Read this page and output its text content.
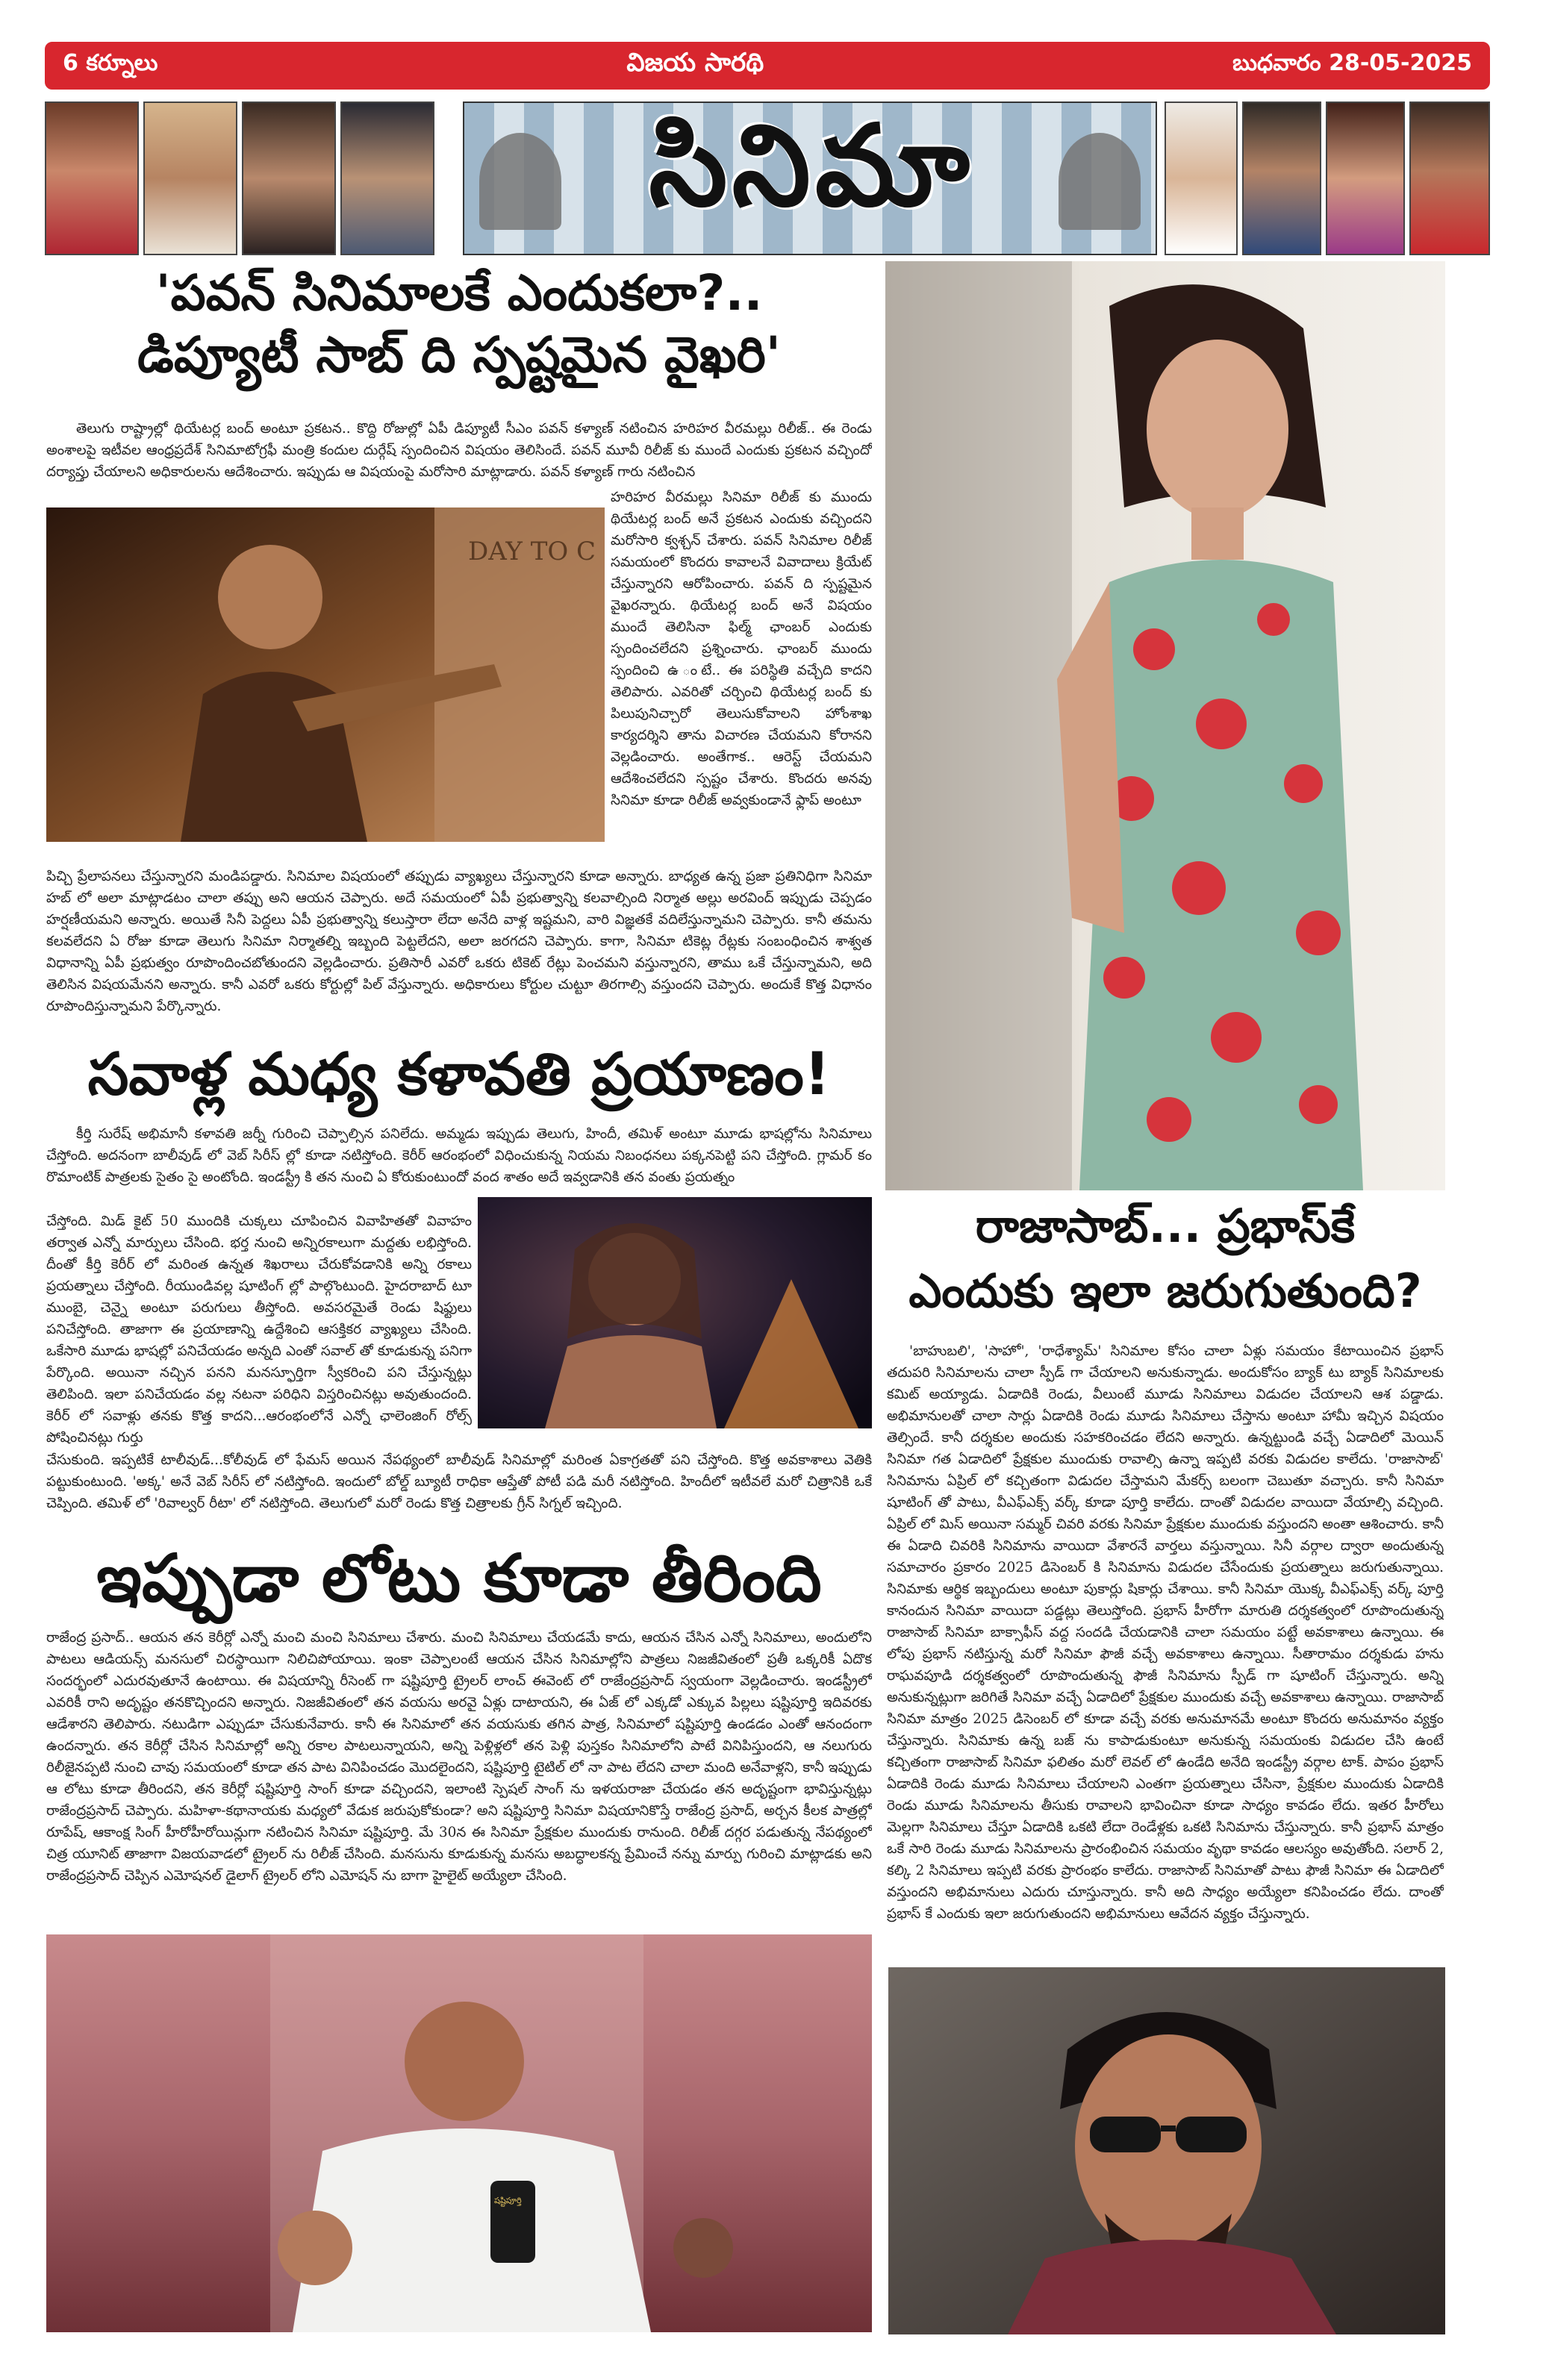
6 కర్నూలు	విజయ సారథి	బుధవారం 28-05-2025
సినిమా
'పవన్ సినిమాలకే ఎందుకలా?..
డిప్యూటీ సాబ్ ది స్పష్టమైన వైఖరి'
తెలుగు రాష్ట్రాల్లో థియేటర్ల బంద్ అంటూ ప్రకటన.. కొద్ది రోజుల్లో ఏపీ డిప్యూటీ సీఎం పవన్ కళ్యాణ్ నటించిన హరిహర వీరమల్లు రిలీజ్.. ఈ రెండు అంశాలపై ఇటీవల ఆంధ్రప్రదేశ్ సినిమాటోగ్రఫీ మంత్రి కందుల దుర్గేష్ స్పందించిన విషయం తెలిసిందే. పవన్ మూవీ రిలీజ్ కు ముందే ఎందుకు ప్రకటన వచ్చిందో దర్యాప్తు చేయాలని అధికారులను ఆదేశించారు. ఇప్పుడు ఆ విషయంపై మరోసారి మాట్లాడారు. పవన్ కళ్యాణ్ గారు నటించిన
DAY TO C
హరిహర వీరమల్లు సినిమా రిలీజ్ కు ముందు థియేటర్ల బంద్ అనే ప్రకటన ఎందుకు వచ్చిందని మరోసారి క్వశ్చన్ చేశారు. పవన్ సినిమాల రిలీజ్ సమయంలో కొందరు కావాలనే వివాదాలు క్రియేట్ చేస్తున్నారని ఆరోపించారు. పవన్ ది స్పష్టమైన వైఖరన్నారు. థియేటర్ల బంద్ అనే విషయం ముందే తెలిసినా ఫిల్మ్ ఛాంబర్ ఎందుకు స్పందించలేదని ప్రశ్నించారు. ఛాంబర్ ముందు స్పందించి ఉ ంటే.. ఈ పరిస్థితి వచ్చేది కాదని తెలిపారు. ఎవరితో చర్చించి థియేటర్ల బంద్ కు పిలుపునిచ్చారో తెలుసుకోవాలని హోంశాఖ కార్యదర్శిని తాను విచారణ చేయమని కోరానని వెల్లడించారు. అంతేగాక.. ఆరెస్ట్ చేయమని ఆదేశించలేదని స్పష్టం చేశారు. కొందరు అనవు సినిమా కూడా రిలీజ్ అవ్వకుండానే ఫ్లాప్ అంటూ
పిచ్చి ప్రేలాపనలు చేస్తున్నారని మండిపడ్డారు. సినిమాల విషయంలో తప్పుడు వ్యాఖ్యలు చేస్తున్నారని కూడా అన్నారు. బాధ్యత ఉన్న ప్రజా ప్రతినిధిగా సినిమా హబ్ లో అలా మాట్లాడటం చాలా తప్పు అని ఆయన చెప్పారు. అదే సమయంలో ఏపీ ప్రభుత్వాన్ని కలవాల్సింది నిర్మాత అల్లు అరవింద్ ఇప్పుడు చెప్పడం హర్షణీయమని అన్నారు. అయితే సినీ పెద్దలు ఏపీ ప్రభుత్వాన్ని కలుస్తారా లేదా అనేది వాళ్ల ఇష్టమని, వారి విజ్ఞతకే వదిలేస్తున్నామని చెప్పారు. కానీ తమను కలవలేదని ఏ రోజు కూడా తెలుగు సినిమా నిర్మాతల్ని ఇబ్బంది పెట్టలేదని, అలా జరగదని చెప్పారు. కాగా, సినిమా టికెట్ల రేట్లకు సంబంధించిన శాశ్వత విధానాన్ని ఏపీ ప్రభుత్వం రూపొందించబోతుందని వెల్లడించారు. ప్రతిసారీ ఎవరో ఒకరు టికెట్ రేట్లు పెంచమని వస్తున్నారని, తాము ఒకే చేస్తున్నామని, అది తెలిసిన విషయమేనని అన్నారు. కానీ ఎవరో ఒకరు కోర్టుల్లో పిల్ వేస్తున్నారు. అధికారులు కోర్టుల చుట్టూ తిరగాల్సి వస్తుందని చెప్పారు. అందుకే కొత్త విధానం రూపొందిస్తున్నామని పేర్కొన్నారు.
సవాళ్ల మధ్య కళావతి ప్రయాణం!
కీర్తి సురేష్ అభిమానీ కళావతి జర్నీ గురించి చెప్పాల్సిన పనిలేదు. అమ్మడు ఇప్పుడు తెలుగు, హిందీ, తమిళ్ అంటూ మూడు భాషల్లోను సినిమాలు చేస్తోంది. అదనంగా బాలీవుడ్ లో వెబ్ సిరీస్ ల్లో కూడా నటిస్తోంది. కెరీర్ ఆరంభంలో విధించుకున్న నియమ నిబంధనలు పక్కనపెట్టి పని చేస్తోంది. గ్లామర్ కం రొమాంటిక్ పాత్రలకు సైతం సై అంటోంది. ఇండస్ట్రీ కి తన నుంచి ఏ కోరుకుంటుందో వంద శాతం అదే ఇవ్వడానికి తన వంతు ప్రయత్నం
చేస్తోంది. మిడ్ కైట్ 50 ముందికి చుక్కలు చూపించిన వివాహితతో వివాహం తర్వాత ఎన్నో మార్పులు చేసింది. భర్త నుంచి అన్నిరకాలుగా మద్దతు లభిస్తోంది. దీంతో కీర్తి కెరీర్ లో మరింత ఉన్నత శిఖరాలు చేరుకోవడానికి అన్ని రకాలు ప్రయత్నాలు చేస్తోంది. రీయుండివల్ల షూటింగ్ ల్లో పాల్గొంటుంది. హైదరాబాద్ టూ ముంబై, చెన్నై అంటూ పరుగులు తీస్తోంది. అవసరమైతే రెండు షిఫ్టులు పనిచేస్తోంది. తాజాగా ఈ ప్రయాణాన్ని ఉద్దేశించి ఆసక్తికర వ్యాఖ్యలు చేసింది. ఒకేసారి మూడు భాషల్లో పనిచేయడం అన్నది ఎంతో సవాల్ తో కూడుకున్న పనిగా పేర్కొంది. అయినా నచ్చిన పనని మనస్ఫూర్తిగా స్వీకరించి పని చేస్తున్నట్లు తెలిపింది. ఇలా పనిచేయడం వల్ల నటనా పరిధిని విస్తరించినట్లు అవుతుందంది. కెరీర్ లో సవాళ్లు తనకు కొత్త కాదని...ఆరంభంలోనే ఎన్నో ఛాలెంజింగ్ రోల్స్ పోషించినట్లు గుర్తు
చేసుకుంది. ఇప్పటికే టాలీవుడ్...కోలీవుడ్ లో ఫేమస్ అయిన నేపథ్యంలో బాలీవుడ్ సినిమాల్లో మరింత ఏకాగ్రతతో పని చేస్తోంది. కొత్త అవకాశాలు వెతికి పట్టుకుంటుంది. 'అక్క' అనే వెబ్ సిరీస్ లో నటిస్తోంది. ఇందులో బోల్డ్ బ్యూటీ రాధికా ఆప్తేతో పోటీ పడి మరీ నటిస్తోంది. హిందీలో ఇటీవలే మరో చిత్రానికి ఒకే చెప్పింది. తమిళ్ లో 'రివాల్వర్ రీటా' లో నటిస్తోంది. తెలుగులో మరో రెండు కొత్త చిత్రాలకు గ్రీన్ సిగ్నల్ ఇచ్చింది.
ఇప్పుడా లోటు కూడా తీరింది
రాజేంద్ర ప్రసాద్.. ఆయన తన కెరీర్లో ఎన్నో మంచి మంచి సినిమాలు చేశారు. మంచి సినిమాలు చేయడమే కాదు, ఆయన చేసిన ఎన్నో సినిమాలు, అందులోని పాటలు ఆడియన్స్ మనసులో చిరస్థాయిగా నిలిచిపోయాయి. ఇంకా చెప్పాలంటే ఆయన చేసిన సినిమాల్లోని పాత్రలు నిజజీవితంలో ప్రతీ ఒక్కరికీ ఏదొక సందర్భంలో ఎదురవుతూనే ఉంటాయి. ఈ విషయాన్ని రీసెంట్ గా షష్టిపూర్తి ట్రైలర్ లాంచ్ ఈవెంట్ లో రాజేంద్రప్రసాద్ స్వయంగా వెల్లడించారు. ఇండస్ట్రీలో ఎవరికీ రాని అదృష్టం తనకొచ్చిందని అన్నారు. నిజజీవితంలో తన వయసు అరవై ఏళ్లు దాటాయని, ఈ ఏజ్ లో ఎక్కడో ఎక్కువ పిల్లలు షష్టిపూర్తి ఇదివరకు ఆడేశారని తెలిపారు. నటుడిగా ఎప్పుడూ చేసుకునేవారు. కానీ ఈ సినిమాలో తన వయసుకు తగిన పాత్ర, సినిమాలో షష్టిపూర్తి ఉండడం ఎంతో ఆనందంగా ఉందన్నారు. తన కెరీర్లో చేసిన సినిమాల్లో అన్ని రకాల పాటలున్నాయని, అన్ని పెళ్లిళ్లలో తన పెళ్లి పుస్తకం సినిమాలోని పాటే వినిపిస్తుందని, ఆ నలుగురు రిలీజైనప్పటి నుంచి చావు సమయంలో కూడా తన పాట వినిపించడం మొదలైందని, షష్టిపూర్తి టైటిల్ లో నా పాట లేదని చాలా మంది అనేవాళ్లని, కానీ ఇప్పుడు ఆ లోటు కూడా తీరిందని, తన కెరీర్లో షష్టిపూర్తి సాంగ్ కూడా వచ్చిందని, ఇలాంటి స్పెషల్ సాంగ్ ను ఇళయరాజా చేయడం తన అదృష్టంగా భావిస్తున్నట్లు రాజేంద్రప్రసాద్ చెప్పారు. మహిళా-కథానాయకు మధ్యలో వేడుక జరుపుకోకుండా? అని షష్టిపూర్తి సినిమా విషయానికొస్తే రాజేంద్ర ప్రసాద్, అర్చన కీలక పాత్రల్లో రూపేష్, ఆకాంక్ష సింగ్ హీరోహీరోయిన్లుగా నటించిన సినిమా షష్టిపూర్తి. మే 30న ఈ సినిమా ప్రేక్షకుల ముందుకు రానుంది. రిలీజ్ దగ్గర పడుతున్న నేపథ్యంలో చిత్ర యూనిట్ తాజాగా విజయవాడలో ట్రైలర్ ను రిలీజ్ చేసింది. మనసును కూడుకున్న మనసు అబద్ధాలకన్న ప్రేమించే నన్ను మార్పు గురించి మాట్లాడకు అని రాజేంద్రప్రసాద్ చెప్పిన ఎమోషనల్ డైలాగ్ ట్రైలర్ లోని ఎమోషన్ ను బాగా హైలైట్ అయ్యేలా చేసింది.
షష్టిపూర్తి
రాజాసాబ్... ప్రభాస్‌కే
ఎందుకు ఇలా జరుగుతుంది?
'బాహుబలి', 'సాహో', 'రాధేశ్యామ్' సినిమాల కోసం చాలా ఏళ్లు సమయం కేటాయించిన ప్రభాస్ తదుపరి సినిమాలను చాలా స్పీడ్ గా చేయాలని అనుకున్నాడు. అందుకోసం బ్యాక్ టు బ్యాక్ సినిమాలకు కమిట్ అయ్యాడు. ఏడాదికి రెండు, వీలుంటే మూడు సినిమాలు విడుదల చేయాలని ఆశ పడ్డాడు. అభిమానులతో చాలా సార్లు ఏడాదికి రెండు మూడు సినిమాలు చేస్తాను అంటూ హామీ ఇచ్చిన విషయం తెల్సిందే. కానీ దర్శకుల అందుకు సహకరించడం లేదని అన్నారు. ఉన్నట్టుండి వచ్చే ఏడాదిలో మెయిన్ సినిమా గత ఏడాదిలో ప్రేక్షకుల ముందుకు రావాల్సి ఉన్నా ఇప్పటి వరకు విడుదల కాలేదు. 'రాజాసాబ్' సినిమాను ఏప్రిల్ లో కచ్చితంగా విడుదల చేస్తామని మేకర్స్ బలంగా చెబుతూ వచ్చారు. కానీ సినిమా షూటింగ్ తో పాటు, వీఎఫ్ఎక్స్ వర్క్ కూడా పూర్తి కాలేదు. దాంతో విడుదల వాయిదా వేయాల్సి వచ్చింది. ఏప్రిల్ లో మిస్ అయినా సమ్మర్ చివరి వరకు సినిమా ప్రేక్షకుల ముందుకు వస్తుందని అంతా ఆశించారు. కానీ ఈ ఏడాది చివరికి సినిమాను వాయిదా వేశారనే వార్తలు వస్తున్నాయి. సినీ వర్గాల ద్వారా అందుతున్న సమాచారం ప్రకారం 2025 డిసెంబర్ కి సినిమాను విడుదల చేసేందుకు ప్రయత్నాలు జరుగుతున్నాయి. సినిమాకు ఆర్థిక ఇబ్బందులు అంటూ పుకార్లు షికార్లు చేశాయి. కానీ సినిమా యొక్క వీఎఫ్ఎక్స్ వర్క్ పూర్తి కానందున సినిమా వాయిదా పడ్డట్లు తెలుస్తోంది. ప్రభాస్ హీరోగా మారుతి దర్శకత్వంలో రూపొందుతున్న రాజాసాబ్ సినిమా బాక్సాఫీస్ వద్ద సందడి చేయడానికి చాలా సమయం పట్టే అవకాశాలు ఉన్నాయి. ఈ లోపు ప్రభాస్ నటిస్తున్న మరో సినిమా ఫౌజీ వచ్చే అవకాశాలు ఉన్నాయి. సీతారామం దర్శకుడు హను రాఘవపూడి దర్శకత్వంలో రూపొందుతున్న ఫౌజీ సినిమాను స్పీడ్ గా షూటింగ్ చేస్తున్నారు. అన్ని అనుకున్నట్లుగా జరిగితే సినిమా వచ్చే ఏడాదిలో ప్రేక్షకుల ముందుకు వచ్చే అవకాశాలు ఉన్నాయి. రాజాసాబ్ సినిమా మాత్రం 2025 డిసెంబర్ లో కూడా వచ్చే వరకు అనుమానమే అంటూ కొందరు అనుమానం వ్యక్తం చేస్తున్నారు. సినిమాకు ఉన్న బజ్ ను కాపాడుకుంటూ అనుకున్న సమయంకు విడుదల చేసి ఉంటే కచ్చితంగా రాజాసాబ్ సినిమా ఫలితం మరో లెవల్ లో ఉండేది అనేది ఇండస్ట్రీ వర్గాల టాక్. పాపం ప్రభాస్ ఏడాదికి రెండు మూడు సినిమాలు చేయాలని ఎంతగా ప్రయత్నాలు చేసినా, ప్రేక్షకుల ముందుకు ఏడాదికి రెండు మూడు సినిమాలను తీసుకు రావాలని భావించినా కూడా సాధ్యం కావడం లేదు. ఇతర హీరోలు మెల్లగా సినిమాలు చేస్తూ ఏడాదికి ఒకటి లేదా రెండేళ్లకు ఒకటి సినిమాను చేస్తున్నారు. కానీ ప్రభాస్ మాత్రం ఒకే సారి రెండు మూడు సినిమాలను ప్రారంభించిన సమయం వృథా కావడం ఆలస్యం అవుతోంది. సలార్ 2, కల్కి 2 సినిమాలు ఇప్పటి వరకు ప్రారంభం కాలేదు. రాజాసాబ్ సినిమాతో పాటు ఫౌజీ సినిమా ఈ ఏడాదిలో వస్తుందని అభిమానులు ఎదురు చూస్తున్నారు. కానీ అది సాధ్యం అయ్యేలా కనిపించడం లేదు. దాంతో ప్రభాస్ కే ఎందుకు ఇలా జరుగుతుందని అభిమానులు ఆవేదన వ్యక్తం చేస్తున్నారు.
